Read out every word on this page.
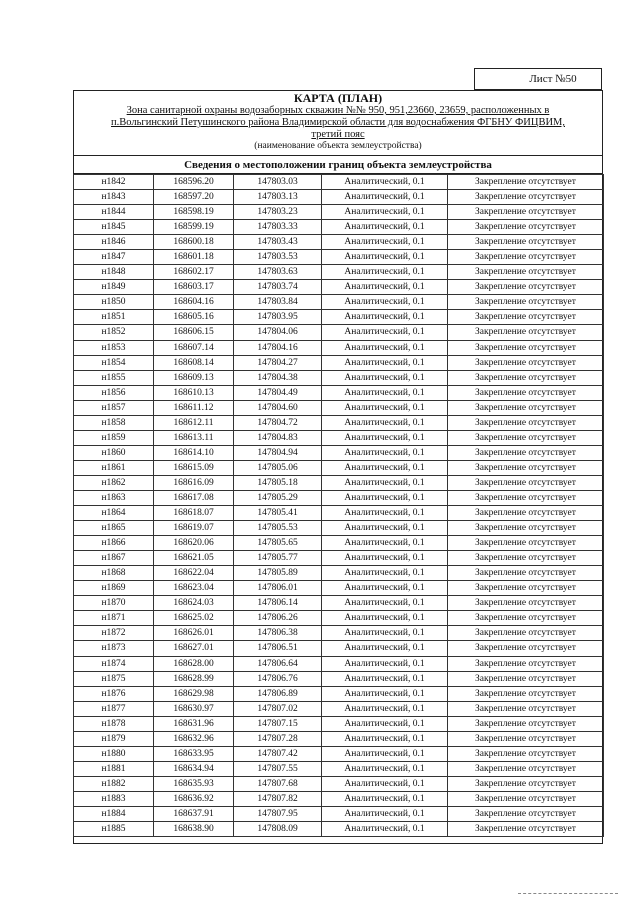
Лист №50
КАРТА (ПЛАН)
Зона санитарной охраны водозаборных скважин №№ 950, 951,23660, 23659, расположенных в
п.Вольгинский Петушинского района Владимирской области для водоснабжения ФГБНУ ФИЦВИМ,
третий пояс
(наименование объекта землеустройства)
Сведения о местоположении границ объекта землеустройства
н1842	168596.20	147803.03	Аналитический, 0.1	Закрепление отсутствует
н1843	168597.20	147803.13	Аналитический, 0.1	Закрепление отсутствует
н1844	168598.19	147803.23	Аналитический, 0.1	Закрепление отсутствует
н1845	168599.19	147803.33	Аналитический, 0.1	Закрепление отсутствует
н1846	168600.18	147803.43	Аналитический, 0.1	Закрепление отсутствует
н1847	168601.18	147803.53	Аналитический, 0.1	Закрепление отсутствует
н1848	168602.17	147803.63	Аналитический, 0.1	Закрепление отсутствует
н1849	168603.17	147803.74	Аналитический, 0.1	Закрепление отсутствует
н1850	168604.16	147803.84	Аналитический, 0.1	Закрепление отсутствует
н1851	168605.16	147803.95	Аналитический, 0.1	Закрепление отсутствует
н1852	168606.15	147804.06	Аналитический, 0.1	Закрепление отсутствует
н1853	168607.14	147804.16	Аналитический, 0.1	Закрепление отсутствует
н1854	168608.14	147804.27	Аналитический, 0.1	Закрепление отсутствует
н1855	168609.13	147804.38	Аналитический, 0.1	Закрепление отсутствует
н1856	168610.13	147804.49	Аналитический, 0.1	Закрепление отсутствует
н1857	168611.12	147804.60	Аналитический, 0.1	Закрепление отсутствует
н1858	168612.11	147804.72	Аналитический, 0.1	Закрепление отсутствует
н1859	168613.11	147804.83	Аналитический, 0.1	Закрепление отсутствует
н1860	168614.10	147804.94	Аналитический, 0.1	Закрепление отсутствует
н1861	168615.09	147805.06	Аналитический, 0.1	Закрепление отсутствует
н1862	168616.09	147805.18	Аналитический, 0.1	Закрепление отсутствует
н1863	168617.08	147805.29	Аналитический, 0.1	Закрепление отсутствует
н1864	168618.07	147805.41	Аналитический, 0.1	Закрепление отсутствует
н1865	168619.07	147805.53	Аналитический, 0.1	Закрепление отсутствует
н1866	168620.06	147805.65	Аналитический, 0.1	Закрепление отсутствует
н1867	168621.05	147805.77	Аналитический, 0.1	Закрепление отсутствует
н1868	168622.04	147805.89	Аналитический, 0.1	Закрепление отсутствует
н1869	168623.04	147806.01	Аналитический, 0.1	Закрепление отсутствует
н1870	168624.03	147806.14	Аналитический, 0.1	Закрепление отсутствует
н1871	168625.02	147806.26	Аналитический, 0.1	Закрепление отсутствует
н1872	168626.01	147806.38	Аналитический, 0.1	Закрепление отсутствует
н1873	168627.01	147806.51	Аналитический, 0.1	Закрепление отсутствует
н1874	168628.00	147806.64	Аналитический, 0.1	Закрепление отсутствует
н1875	168628.99	147806.76	Аналитический, 0.1	Закрепление отсутствует
н1876	168629.98	147806.89	Аналитический, 0.1	Закрепление отсутствует
н1877	168630.97	147807.02	Аналитический, 0.1	Закрепление отсутствует
н1878	168631.96	147807.15	Аналитический, 0.1	Закрепление отсутствует
н1879	168632.96	147807.28	Аналитический, 0.1	Закрепление отсутствует
н1880	168633.95	147807.42	Аналитический, 0.1	Закрепление отсутствует
н1881	168634.94	147807.55	Аналитический, 0.1	Закрепление отсутствует
н1882	168635.93	147807.68	Аналитический, 0.1	Закрепление отсутствует
н1883	168636.92	147807.82	Аналитический, 0.1	Закрепление отсутствует
н1884	168637.91	147807.95	Аналитический, 0.1	Закрепление отсутствует
н1885	168638.90	147808.09	Аналитический, 0.1	Закрепление отсутствует
